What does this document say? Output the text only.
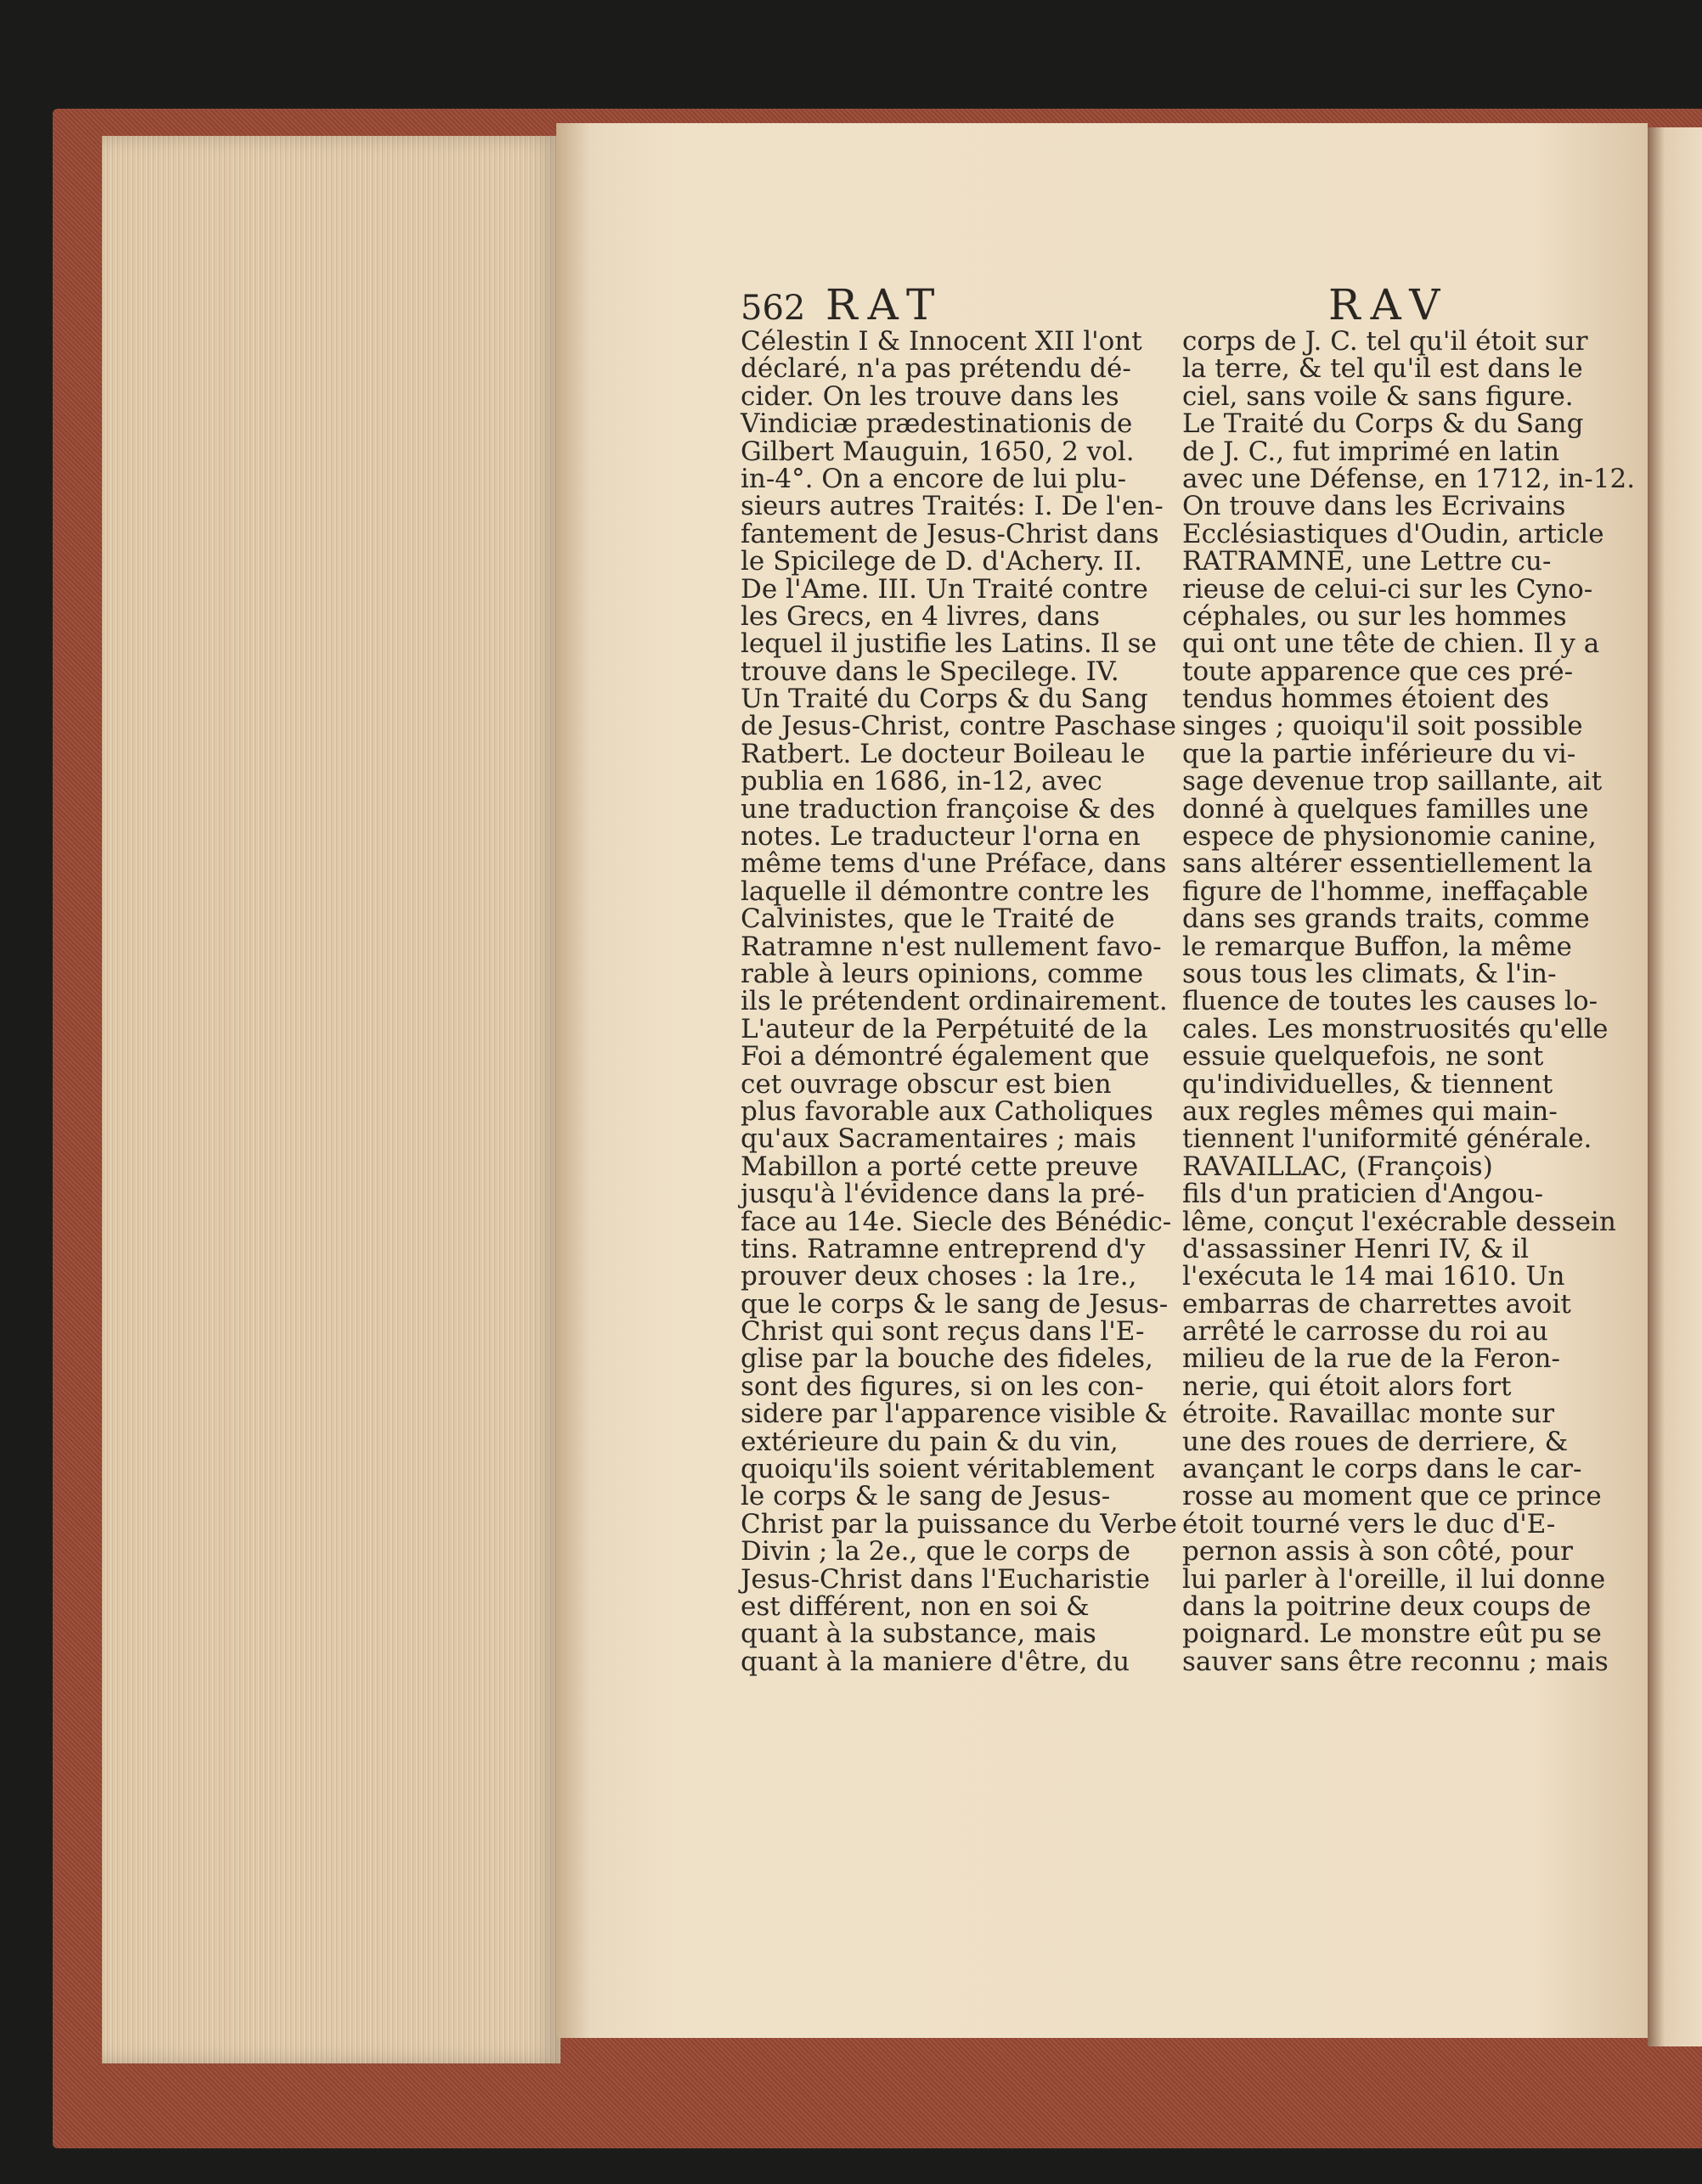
562 RAT	RAV
Célestin I & Innocent XII l'ont
déclaré, n'a pas prétendu dé-
cider. On les trouve dans les
Vindiciæ prædestinationis de
Gilbert Mauguin, 1650, 2 vol.
in-4°. On a encore de lui plu-
sieurs autres Traités: I. De l'en-
fantement de Jesus-Christ dans
le Spicilege de D. d'Achery. II.
De l'Ame. III. Un Traité contre
les Grecs, en 4 livres, dans
lequel il justifie les Latins. Il se
trouve dans le Specilege. IV.
Un Traité du Corps & du Sang
de Jesus-Christ, contre Paschase
Ratbert. Le docteur Boileau le
publia en 1686, in-12, avec
une traduction françoise & des
notes. Le traducteur l'orna en
même tems d'une Préface, dans
laquelle il démontre contre les
Calvinistes, que le Traité de
Ratramne n'est nullement favo-
rable à leurs opinions, comme
ils le prétendent ordinairement.
L'auteur de la Perpétuité de la
Foi a démontré également que
cet ouvrage obscur est bien
plus favorable aux Catholiques
qu'aux Sacramentaires ; mais
Mabillon a porté cette preuve
jusqu'à l'évidence dans la pré-
face au 14e. Siecle des Bénédic-
tins. Ratramne entreprend d'y
prouver deux choses : la 1re.,
que le corps & le sang de Jesus-
Christ qui sont reçus dans l'E-
glise par la bouche des fideles,
sont des figures, si on les con-
sidere par l'apparence visible &
extérieure du pain & du vin,
quoiqu'ils soient véritablement
le corps & le sang de Jesus-
Christ par la puissance du Verbe
Divin ; la 2e., que le corps de
Jesus-Christ dans l'Eucharistie
est différent, non en soi &
quant à la substance, mais
quant à la maniere d'être, du
corps de J. C. tel qu'il étoit sur
la terre, & tel qu'il est dans le
ciel, sans voile & sans figure.
Le Traité du Corps & du Sang
de J. C., fut imprimé en latin
avec une Défense, en 1712, in-12.
On trouve dans les Ecrivains
Ecclésiastiques d'Oudin, article
RATRAMNE, une Lettre cu-
rieuse de celui-ci sur les Cyno-
céphales, ou sur les hommes
qui ont une tête de chien. Il y a
toute apparence que ces pré-
tendus hommes étoient des
singes ; quoiqu'il soit possible
que la partie inférieure du vi-
sage devenue trop saillante, ait
donné à quelques familles une
espece de physionomie canine,
sans altérer essentiellement la
figure de l'homme, ineffaçable
dans ses grands traits, comme
le remarque Buffon, la même
sous tous les climats, & l'in-
fluence de toutes les causes lo-
cales. Les monstruosités qu'elle
essuie quelquefois, ne sont
qu'individuelles, & tiennent
aux regles mêmes qui main-
tiennent l'uniformité générale.
RAVAILLAC, (François)
fils d'un praticien d'Angou-
lême, conçut l'exécrable dessein
d'assassiner Henri IV, & il
l'exécuta le 14 mai 1610. Un
embarras de charrettes avoit
arrêté le carrosse du roi au
milieu de la rue de la Feron-
nerie, qui étoit alors fort
étroite. Ravaillac monte sur
une des roues de derriere, &
avançant le corps dans le car-
rosse au moment que ce prince
étoit tourné vers le duc d'E-
pernon assis à son côté, pour
lui parler à l'oreille, il lui donne
dans la poitrine deux coups de
poignard. Le monstre eût pu se
sauver sans être reconnu ; mais
